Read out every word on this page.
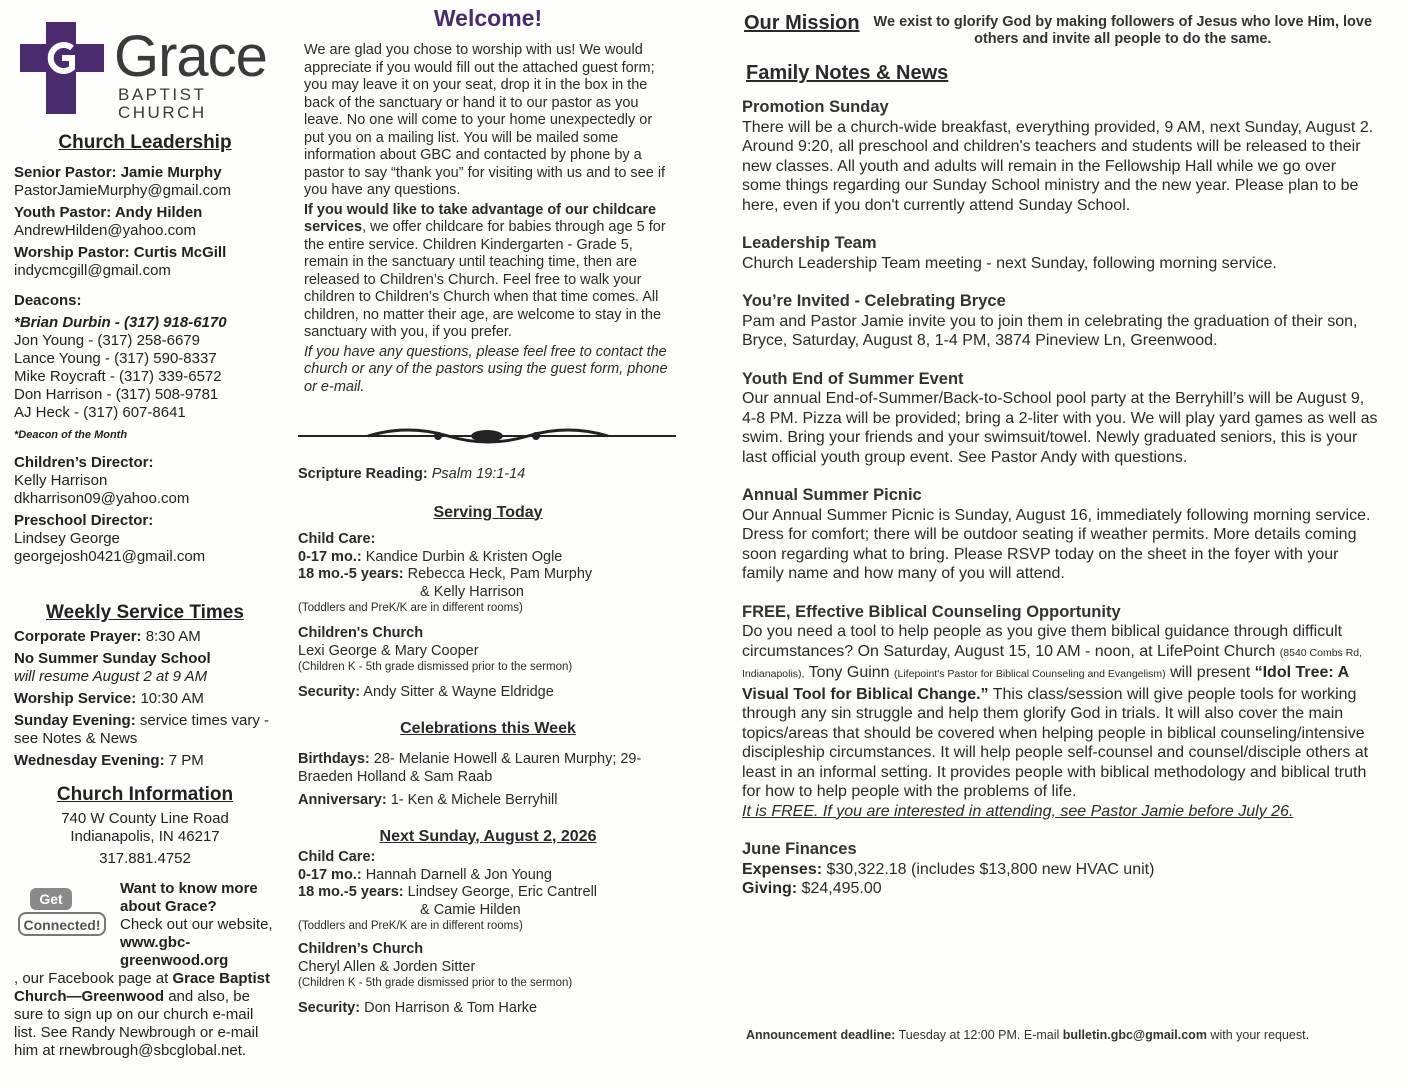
Grace
BAPTIST CHURCH
Church Leadership

Senior Pastor: Jamie Murphy

PastorJamieMurphy@gmail.com

Youth Pastor: Andy Hilden

AndrewHilden@yahoo.com

Worship Pastor: Curtis McGill

indycmcgill@gmail.com

Deacons:

*Brian Durbin - (317) 918-6170

Jon Young - (317) 258-6679

Lance Young - (317) 590-8337

Mike Roycraft - (317) 339-6572

Don Harrison - (317) 508-9781

AJ Heck - (317) 607-8641

*Deacon of the Month

Children’s Director:

Kelly Harrison

dkharrison09@yahoo.com

Preschool Director:

Lindsey George

georgejosh0421@gmail.com

Weekly Service Times

Corporate Prayer: 8:30 AM

No Summer Sunday School

will resume August 2 at 9 AM

Worship Service: 10:30 AM

Sunday Evening: service times vary - see Notes & News

Wednesday Evening: 7 PM

Church Information

740 W County Line Road

Indianapolis, IN 46217

317.881.4752

Get
Connected!

Want to know more about Grace?

Check out our website,

www.gbc-greenwood.org

, our Facebook page at Grace Baptist Church—Greenwood and also, be sure to sign up on our church e-mail list. See Randy Newbrough or e-mail him at rnewbrough@sbcglobal.net.

Welcome!

We are glad you chose to worship with us! We would appreciate if you would fill out the attached guest form; you may leave it on your seat, drop it in the box in the back of the sanctuary or hand it to our pastor as you leave. No one will come to your home unexpectedly or put you on a mailing list. You will be mailed some information about GBC and contacted by phone by a pastor to say “thank you” for visiting with us and to see if you have any questions.

If you would like to take advantage of our childcare services, we offer childcare for babies through age 5 for the entire service. Children Kindergarten - Grade 5, remain in the sanctuary until teaching time, then are released to Children’s Church. Feel free to walk your children to Children’s Church when that time comes. All children, no matter their age, are welcome to stay in the sanctuary with you, if you prefer.

If you have any questions, please feel free to contact the church or any of the pastors using the guest form, phone or e-mail.

Scripture Reading: Psalm 19:1-14

Serving Today

Child Care:

0-17 mo.: Kandice Durbin & Kristen Ogle

18 mo.-5 years: Rebecca Heck, Pam Murphy

& Kelly Harrison

(Toddlers and PreK/K are in different rooms)

Children's Church

Lexi George & Mary Cooper

(Children K - 5th grade dismissed prior to the sermon)

Security: Andy Sitter & Wayne Eldridge

Celebrations this Week

Birthdays: 28- Melanie Howell & Lauren Murphy; 29- Braeden Holland & Sam Raab

Anniversary: 1- Ken & Michele Berryhill

Next Sunday, August 2, 2026

Child Care:

0-17 mo.: Hannah Darnell & Jon Young

18 mo.-5 years: Lindsey George, Eric Cantrell

& Camie Hilden

(Toddlers and PreK/K are in different rooms)

Children’s Church

Cheryl Allen & Jorden Sitter

(Children K - 5th grade dismissed prior to the sermon)

Security: Don Harrison & Tom Harke

Our Mission We exist to glorify God by making followers of Jesus who love Him, love others and invite all people to do the same.

Family Notes & News

Promotion Sunday

There will be a church-wide breakfast, everything provided, 9 AM, next Sunday, August 2. Around 9:20, all preschool and children's teachers and students will be released to their new classes. All youth and adults will remain in the Fellowship Hall while we go over some things regarding our Sunday School ministry and the new year. Please plan to be here, even if you don't currently attend Sunday School.

Leadership Team

Church Leadership Team meeting - next Sunday, following morning service.

You’re Invited - Celebrating Bryce

Pam and Pastor Jamie invite you to join them in celebrating the graduation of their son, Bryce, Saturday, August 8, 1-4 PM, 3874 Pineview Ln, Greenwood.

Youth End of Summer Event

Our annual End-of-Summer/Back-to-School pool party at the Berryhill’s will be August 9, 4-8 PM. Pizza will be provided; bring a 2-liter with you. We will play yard games as well as swim. Bring your friends and your swimsuit/towel. Newly graduated seniors, this is your last official youth group event. See Pastor Andy with questions.

Annual Summer Picnic

Our Annual Summer Picnic is Sunday, August 16, immediately following morning service. Dress for comfort; there will be outdoor seating if weather permits. More details coming soon regarding what to bring. Please RSVP today on the sheet in the foyer with your family name and how many of you will attend.

FREE, Effective Biblical Counseling Opportunity

Do you need a tool to help people as you give them biblical guidance through difficult circumstances? On Saturday, August 15, 10 AM - noon, at LifePoint Church (8540 Combs Rd, Indianapolis), Tony Guinn (Lifepoint's Pastor for Biblical Counseling and Evangelism) will present “Idol Tree: A Visual Tool for Biblical Change.” This class/session will give people tools for working through any sin struggle and help them glorify God in trials. It will also cover the main topics/areas that should be covered when helping people in biblical counseling/intensive discipleship circumstances. It will help people self-counsel and counsel/disciple others at least in an informal setting. It provides people with biblical methodology and biblical truth for how to help people with the problems of life.

It is FREE. If you are interested in attending, see Pastor Jamie before July 26.

June Finances

Expenses: $30,322.18 (includes $13,800 new HVAC unit)

Giving: $24,495.00

Announcement deadline: Tuesday at 12:00 PM. E-mail bulletin.gbc@gmail.com with your request.
